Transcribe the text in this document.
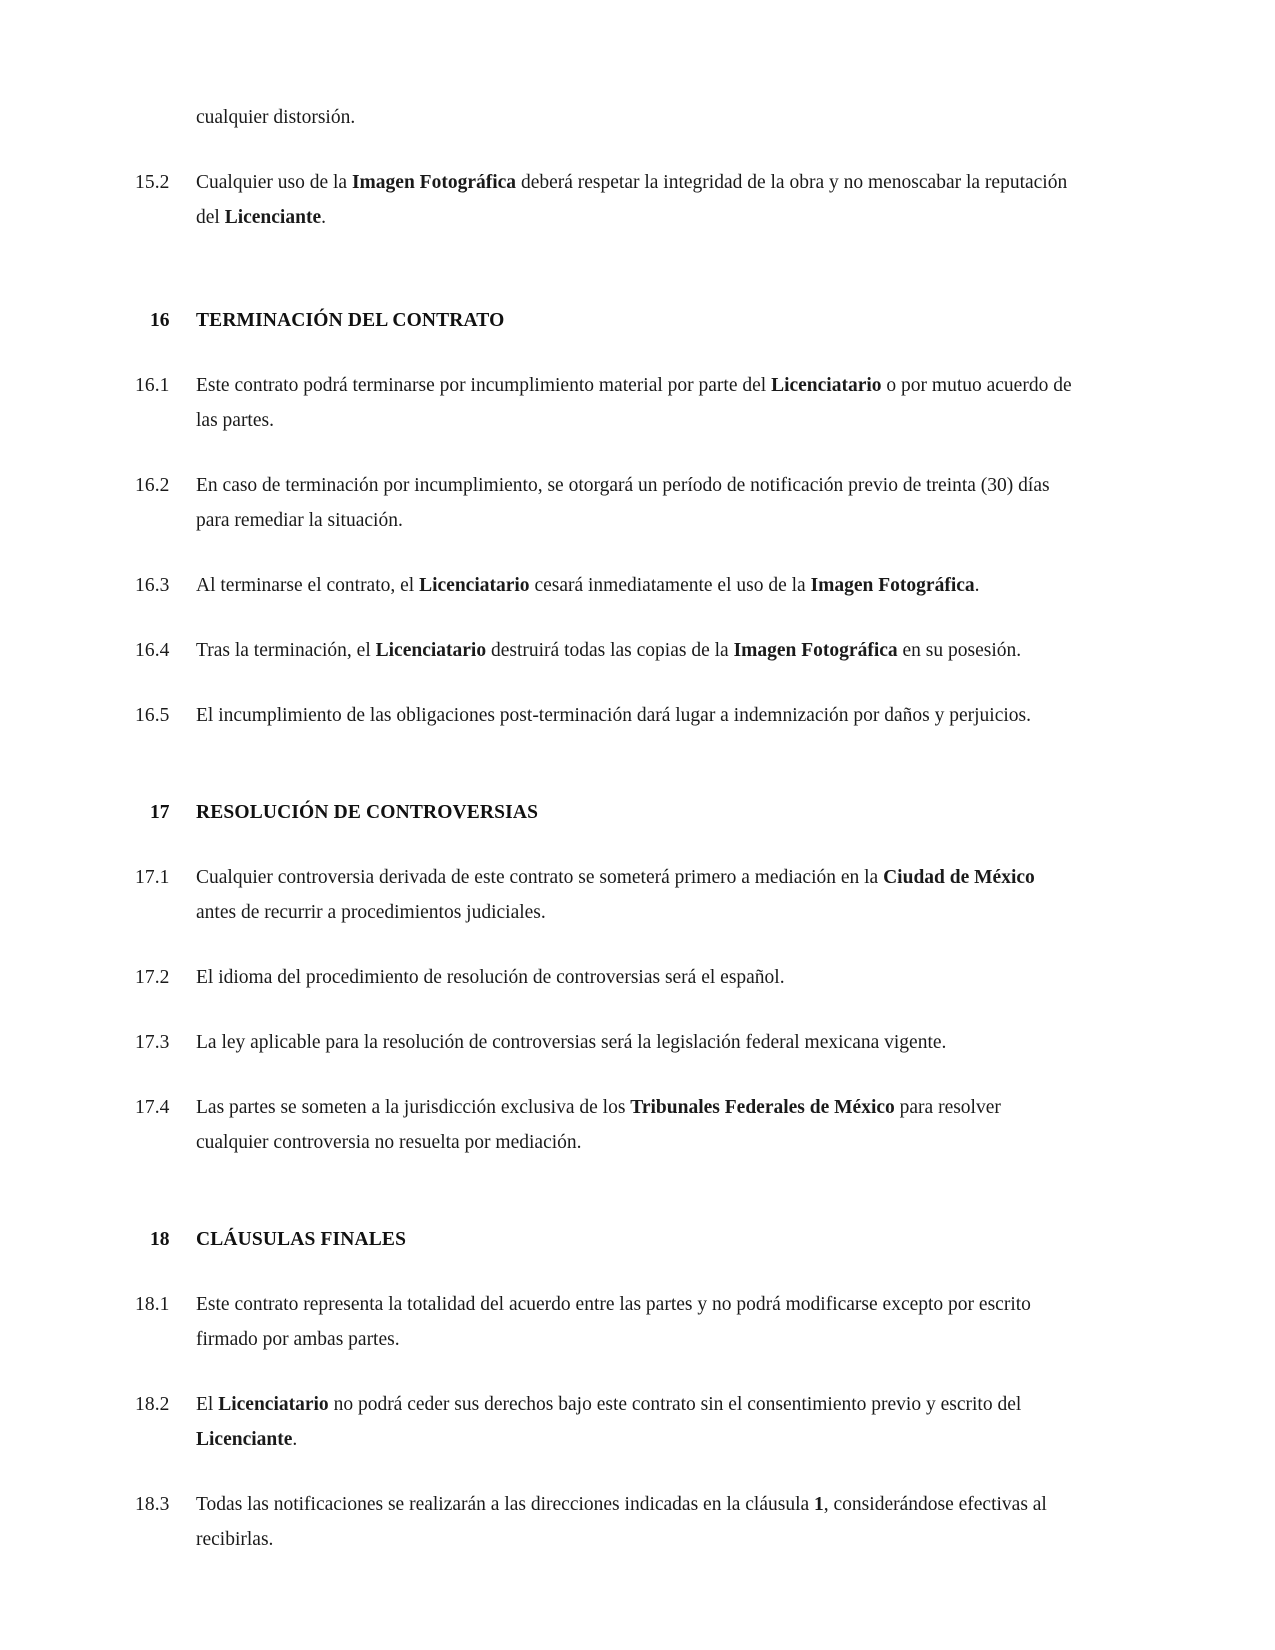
cualquier distorsión.

15.2	Cualquier uso de la Imagen Fotográfica deberá respetar la integridad de la obra y no menoscabar la reputación del Licenciante.
16	TERMINACIÓN DEL CONTRATO
16.1	Este contrato podrá terminarse por incumplimiento material por parte del Licenciatario o por mutuo acuerdo de las partes.
16.2	En caso de terminación por incumplimiento, se otorgará un período de notificación previo de treinta (30) días para remediar la situación.
16.3	Al terminarse el contrato, el Licenciatario cesará inmediatamente el uso de la Imagen Fotográfica.
16.4	Tras la terminación, el Licenciatario destruirá todas las copias de la Imagen Fotográfica en su posesión.
16.5	El incumplimiento de las obligaciones post-terminación dará lugar a indemnización por daños y perjuicios.
17	RESOLUCIÓN DE CONTROVERSIAS
17.1	Cualquier controversia derivada de este contrato se someterá primero a mediación en la Ciudad de México antes de recurrir a procedimientos judiciales.
17.2	El idioma del procedimiento de resolución de controversias será el español.
17.3	La ley aplicable para la resolución de controversias será la legislación federal mexicana vigente.
17.4	Las partes se someten a la jurisdicción exclusiva de los Tribunales Federales de México para resolver cualquier controversia no resuelta por mediación.
18	CLÁUSULAS FINALES
18.1	Este contrato representa la totalidad del acuerdo entre las partes y no podrá modificarse excepto por escrito firmado por ambas partes.
18.2	El Licenciatario no podrá ceder sus derechos bajo este contrato sin el consentimiento previo y escrito del Licenciante.
18.3	Todas las notificaciones se realizarán a las direcciones indicadas en la cláusula 1, considerándose efectivas al recibirlas.
